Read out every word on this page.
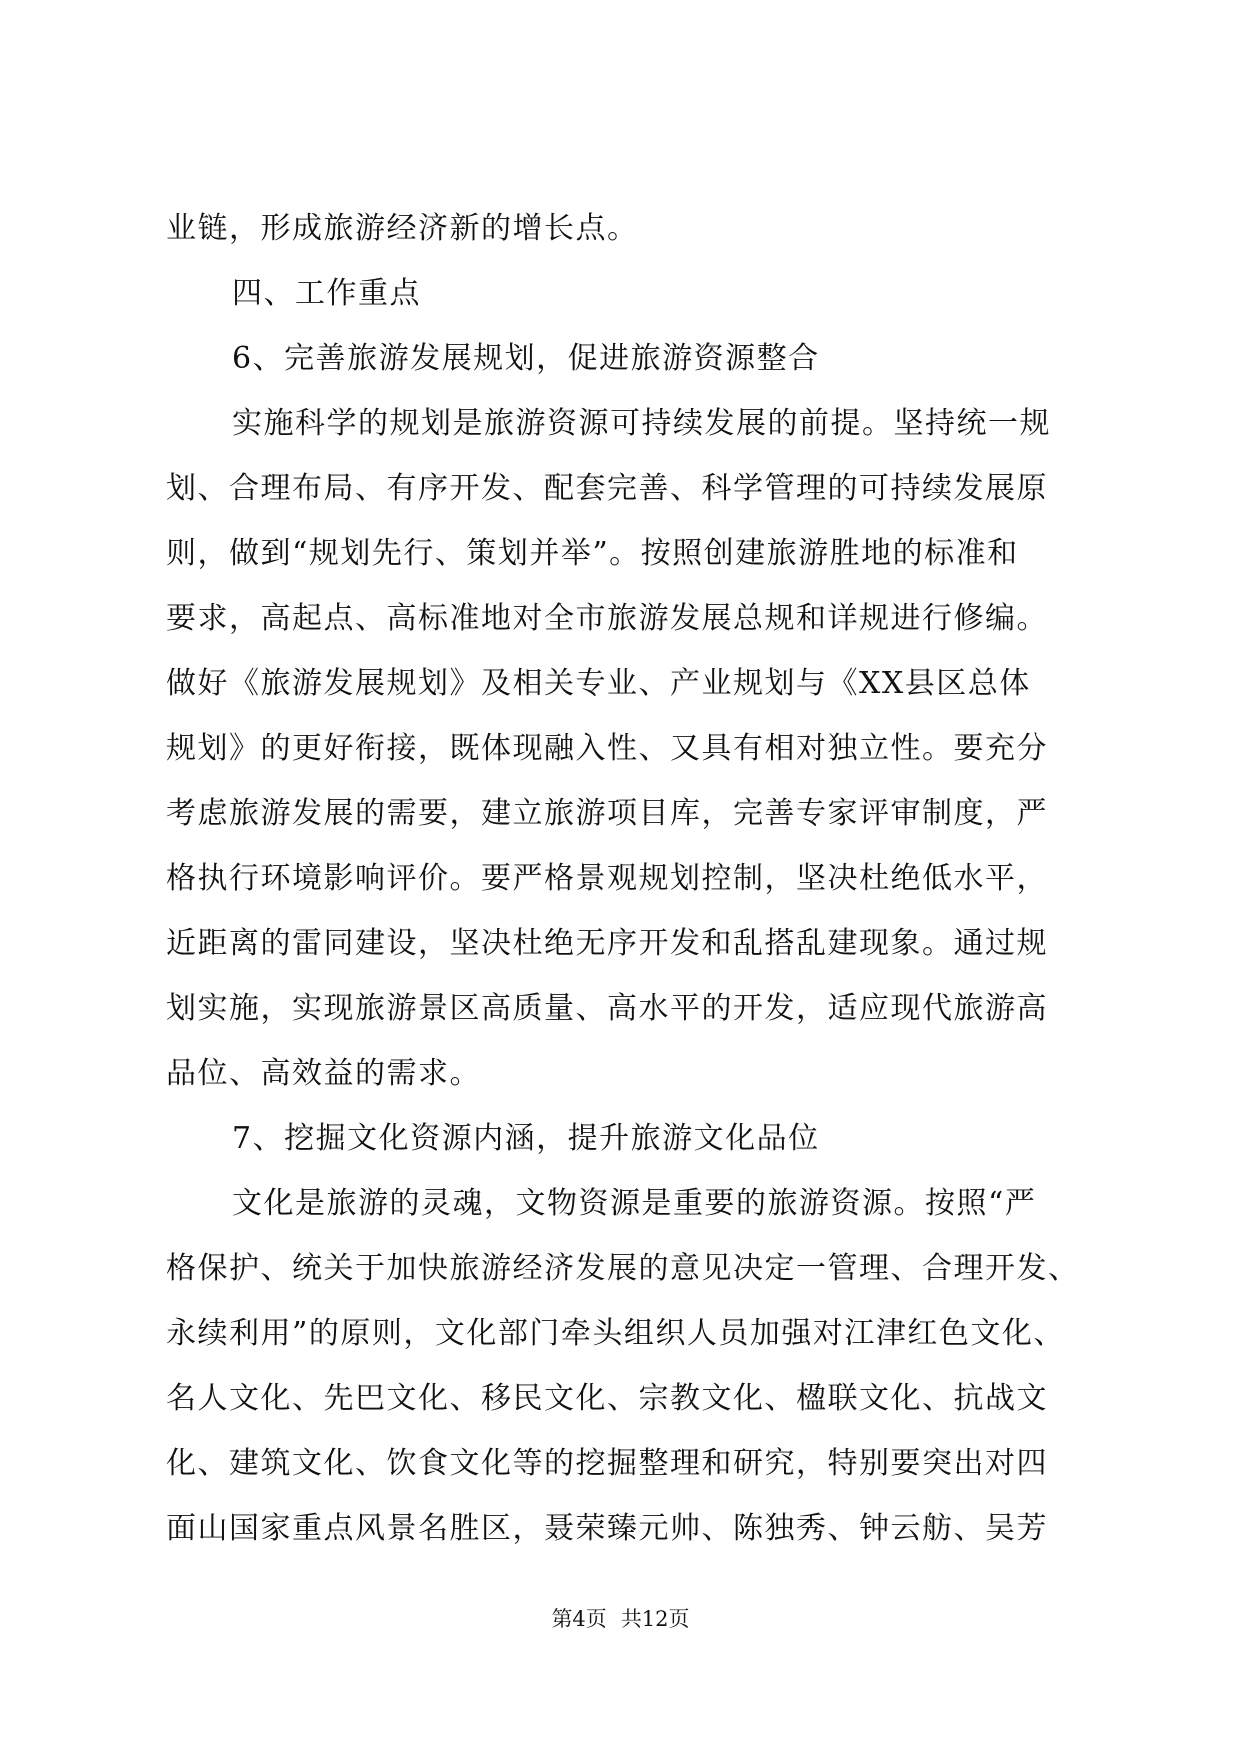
业链，形成旅游经济新的增长点。
四、工作重点
6、完善旅游发展规划，促进旅游资源整合
实施科学的规划是旅游资源可持续发展的前提。坚持统一规
划、合理布局、有序开发、配套完善、科学管理的可持续发展原
则，做到“规划先行、策划并举”。按照创建旅游胜地的标准和
要求，高起点、高标准地对全市旅游发展总规和详规进行修编。
做好《旅游发展规划》及相关专业、产业规划与《XX县区总体
规划》的更好衔接，既体现融入性、又具有相对独立性。要充分
考虑旅游发展的需要，建立旅游项目库，完善专家评审制度，严
格执行环境影响评价。要严格景观规划控制，坚决杜绝低水平，
近距离的雷同建设，坚决杜绝无序开发和乱搭乱建现象。通过规
划实施，实现旅游景区高质量、高水平的开发，适应现代旅游高
品位、高效益的需求。
7、挖掘文化资源内涵，提升旅游文化品位
文化是旅游的灵魂，文物资源是重要的旅游资源。按照“严
格保护、统关于加快旅游经济发展的意见决定一管理、合理开发、
永续利用”的原则，文化部门牵头组织人员加强对江津红色文化、
名人文化、先巴文化、移民文化、宗教文化、楹联文化、抗战文
化、建筑文化、饮食文化等的挖掘整理和研究，特别要突出对四
面山国家重点风景名胜区，聂荣臻元帅、陈独秀、钟云舫、吴芳
第4页 共12页
